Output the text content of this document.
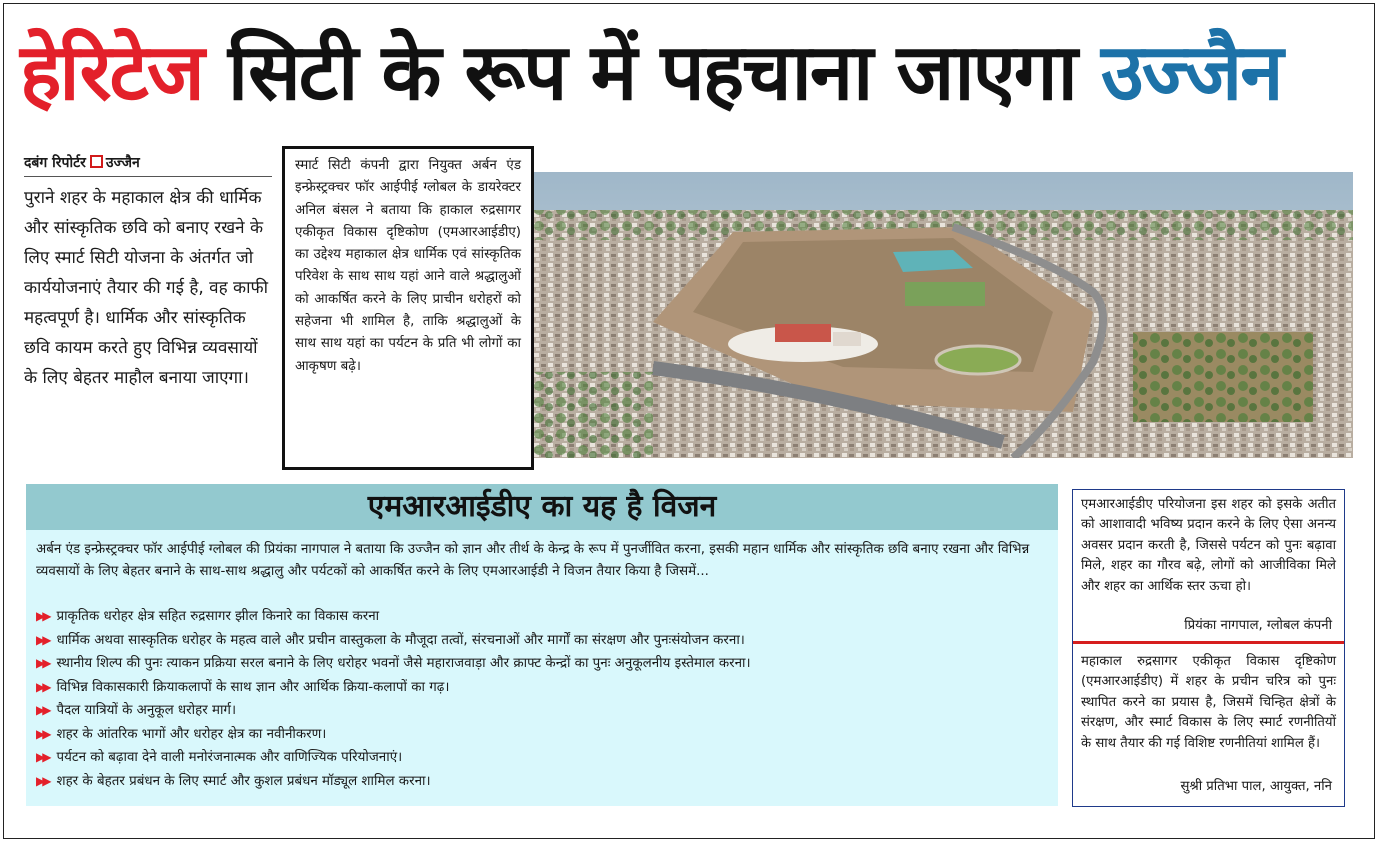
हेरिटेज सिटी के रूप में पहचाना जाएगा उज्जैन
दबंग रिपोर्टर उज्जैन

पुराने शहर के महाकाल क्षेत्र की धार्मिक और सांस्कृतिक छवि को बनाए रखने के लिए स्मार्ट सिटी योजना के अंतर्गत जो कार्ययोजनाएं तैयार की गई है, वह काफी महत्वपूर्ण है। धार्मिक और सांस्कृतिक छवि कायम करते हुए विभिन्न व्यवसायों के लिए बेहतर माहौल बनाया जाएगा।

स्मार्ट सिटी कंपनी द्वारा नियुक्त अर्बन एंड इन्फ्रेस्ट्रक्चर फॉर आईपीई ग्लोबल के डायरेक्टर अनिल बंसल ने बताया कि हाकाल रुद्रसागर एकीकृत विकास दृष्टिकोण (एमआरआईडीए) का उद्देश्य महाकाल क्षेत्र धार्मिक एवं सांस्कृतिक परिवेश के साथ साथ यहां आने वाले श्रद्धालुओं को आकर्षित करने के लिए प्राचीन धरोहरों को सहेजना भी शामिल है, ताकि श्रद्धालुओं के साथ साथ यहां का पर्यटन के प्रति भी लोगों का आकृषण बढ़े।

एमआरआईडीए का यह है विजन

अर्बन एंड इन्फ्रेस्ट्रक्चर फॉर आईपीई ग्लोबल की प्रियंका नागपाल ने बताया कि उज्जैन को ज्ञान और तीर्थ के केन्द्र के रूप में पुनर्जीवित करना, इसकी महान धार्मिक और सांस्कृतिक छवि बनाए रखना और विभिन्न व्यवसायों के लिए बेहतर बनाने के साथ-साथ श्रद्धालु और पर्यटकों को आकर्षित करने के लिए एमआरआईडी ने विजन तैयार किया है जिसमें...

▶▶ प्राकृतिक धरोहर क्षेत्र सहित रुद्रसागर झील किनारे का विकास करना
▶▶ धार्मिक अथवा सास्कृतिक धरोहर के महत्व वाले और प्रचीन वास्तुकला के मौजूदा तत्वों, संरचनाओं और मार्गों का संरक्षण और पुनःसंयोजन करना।
▶▶ स्थानीय शिल्प की पुनः त्याकन प्रक्रिया सरल बनाने के लिए धरोहर भवनों जैसे महाराजवाड़ा और क्राफ्ट केन्द्रों का पुनः अनुकूलनीय इस्तेमाल करना।
▶▶ विभिन्न विकासकारी क्रियाकलापों के साथ ज्ञान और आर्थिक क्रिया-कलापों का गढ़।
▶▶ पैदल यात्रियों के अनुकूल धरोहर मार्ग।
▶▶ शहर के आंतरिक भागों और धरोहर क्षेत्र का नवीनीकरण।
▶▶ पर्यटन को बढ़ावा देने वाली मनोरंजनात्मक और वाणिज्यिक परियोजनाएं।
▶▶ शहर के बेहतर प्रबंधन के लिए स्मार्ट और कुशल प्रबंधन मॉड्यूल शामिल करना।

एमआरआईडीए परियोजना इस शहर को इसके अतीत को आशावादी भविष्य प्रदान करने के लिए ऐसा अनन्य अवसर प्रदान करती है, जिससे पर्यटन को पुनः बढ़ावा मिले, शहर का गौरव बढ़े, लोगों को आजीविका मिले और शहर का आर्थिक स्तर ऊचा हो।

प्रियंका नागपाल, ग्लोबल कंपनी

महाकाल रुद्रसागर एकीकृत विकास दृष्टिकोण (एमआरआईडीए) में शहर के प्रचीन चरित्र को पुनः स्थापित करने का प्रयास है, जिसमें चिन्हित क्षेत्रों के संरक्षण, और स्मार्ट विकास के लिए स्मार्ट रणनीतियों के साथ तैयार की गई विशिष्ट रणनीतियां शामिल हैं।

सुश्री प्रतिभा पाल, आयुक्त, ननि
